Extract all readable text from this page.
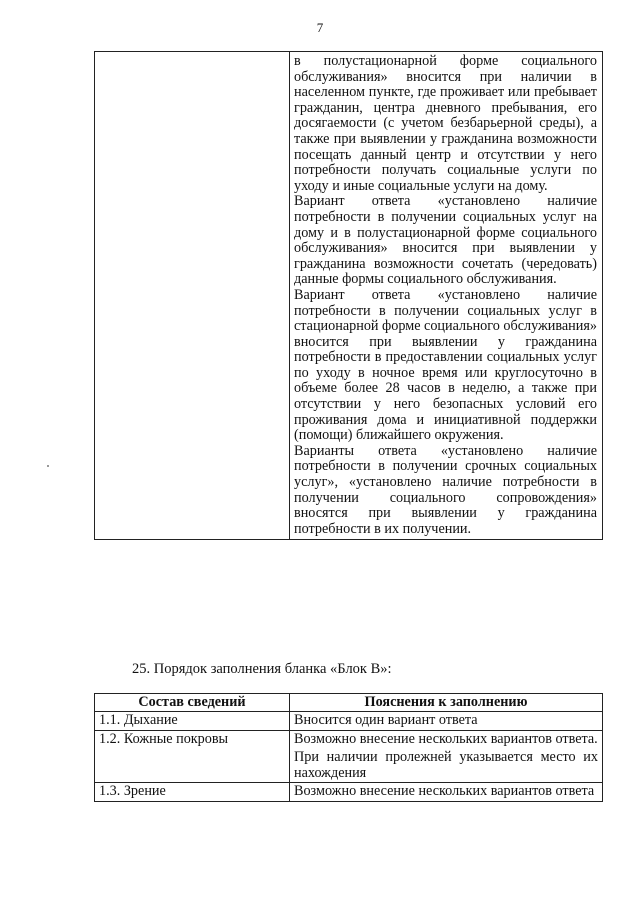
7

в полустационарной форме социального обслуживания» вносится при наличии в населенном пункте, где проживает или пребывает гражданин, центра дневного пребывания, его досягаемости (с учетом безбарьерной среды), а также при выявлении у гражданина возможности посещать данный центр и отсутствии у него потребности получать социальные услуги по уходу и иные социальные услуги на дому.

Вариант ответа «установлено наличие потребности в получении социальных услуг на дому и в полустационарной форме социального обслуживания» вносится при выявлении у гражданина возможности сочетать (чередовать) данные формы социального обслуживания.

Вариант ответа «установлено наличие потребности в получении социальных услуг в стационарной форме социального обслуживания» вносится при выявлении у гражданина потребности в предоставлении социальных услуг по уходу в ночное время или круглосуточно в объеме более 28 часов в неделю, а также при отсутствии у него безопасных условий его проживания дома и инициативной поддержки (помощи) ближайшего окружения.

Варианты ответа «установлено наличие потребности в получении срочных социальных услуг», «установлено наличие потребности в получении социального сопровождения» вносятся при выявлении у гражданина потребности в их получении.

25. Порядок заполнения бланка «Блок В»:
Состав сведений	Пояснения к заполнению
1.1. Дыхание	Вносится один вариант ответа

1.2. Кожные покровы	Возможно внесение нескольких вариантов ответа.

При наличии пролежней указывается место их нахождения

1.3. Зрение	Возможно внесение нескольких вариантов ответа
